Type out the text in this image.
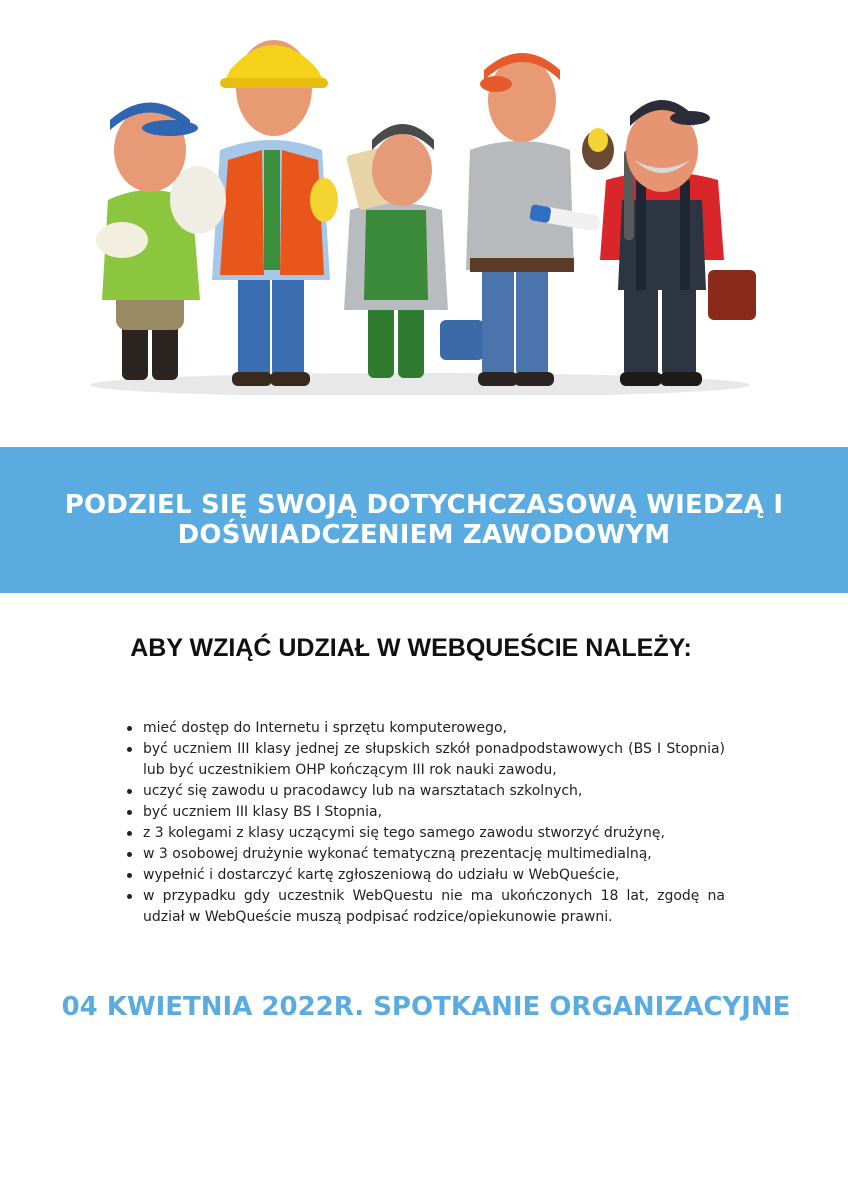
PODZIEL SIĘ SWOJĄ DOTYCHCZASOWĄ WIEDZĄ I
DOŚWIADCZENIEM ZAWODOWYM
ABY WZIĄĆ UDZIAŁ W WEBQUEŚCIE NALEŻY:
mieć dostęp do Internetu i sprzętu komputerowego,
być uczniem III klasy jednej ze słupskich szkół ponadpodstawowych (BS I Stopnia) lub być uczestnikiem OHP kończącym III rok nauki zawodu,
uczyć się zawodu u pracodawcy lub na warsztatach szkolnych,
być uczniem III klasy BS I Stopnia,
z 3 kolegami z klasy uczącymi się tego samego zawodu stworzyć drużynę,
w 3 osobowej drużynie wykonać tematyczną prezentację multimedialną,
wypełnić i dostarczyć kartę zgłoszeniową do udziału w WebQueście,
w przypadku gdy uczestnik WebQuestu nie ma ukończonych 18 lat, zgodę na udział w WebQueście muszą podpisać rodzice/opiekunowie prawni.

04 KWIETNIA 2022R. SPOTKANIE ORGANIZACYJNE
